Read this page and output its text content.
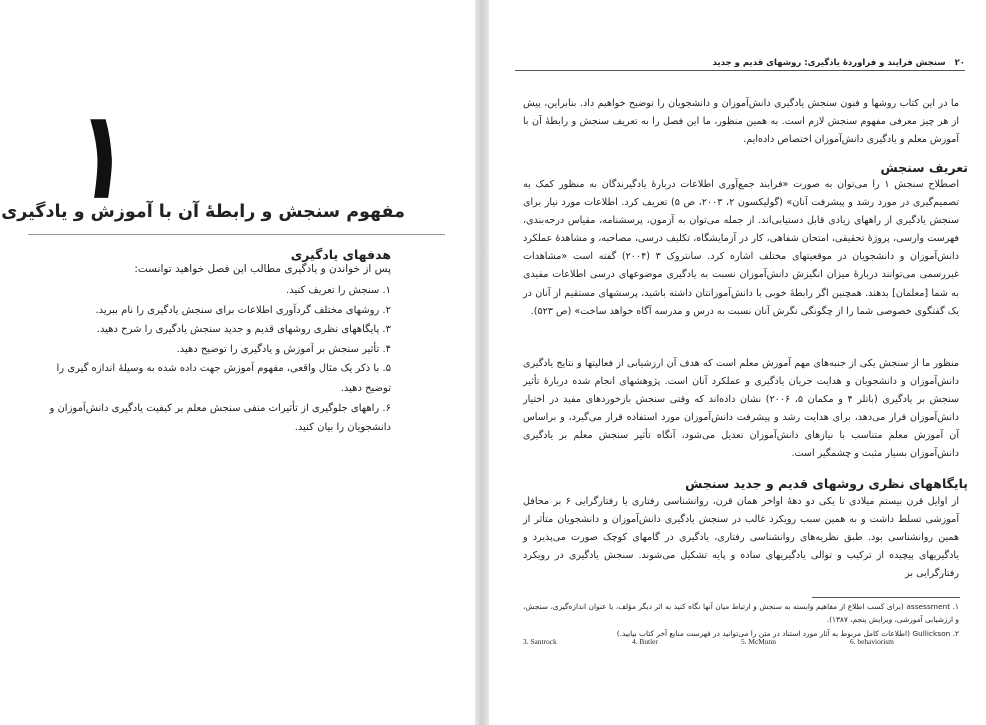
۱
مفهوم سنجش و رابطهٔ آن با آموزش و یادگیری
هدفهای یادگیری
پس از خواندن و یادگیری مطالب این فصل خواهید توانست:
۱. سنجش را تعریف کنید.
۲. روشهای مختلف گردآوری اطلاعات برای سنجش یادگیری را نام ببرید.
۳. پایگاههای نظری روشهای قدیم و جدید سنجش یادگیری را شرح دهید.
۴. تأثیر سنجش بر آموزش و یادگیری را توضیح دهید.
۵. با ذکر یک مثال واقعی، مفهوم آموزش جهت داده شده به وسیلهٔ اندازه گیری را توضیح دهید.
۶. راههای جلوگیری از تأثیرات منفی سنجش معلم بر کیفیت یادگیری دانش‌آموزان و دانشجویان را بیان کنید.
۲۰ سنجش فرایند و فراوردهٔ یادگیری: روشهای قدیم و جدید
ما در این کتاب روشها و فنون سنجش یادگیری دانش‌آموزان و دانشجویان را توضیح خواهیم داد. بنابراین، پیش از هر چیز معرفی مفهوم سنجش لازم است. به همین منظور، ما این فصل را به تعریف سنجش و رابطهٔ آن با آموزش معلم و یادگیری دانش‌آموزان اختصاص داده‌ایم.
تعریف سنجش
اصطلاح سنجش ۱ را می‌توان به صورت «فرایند جمع‌آوری اطلاعات دربارهٔ یادگیرندگان به منظور کمک به تصمیم‌گیری در مورد رشد و پیشرفت آنان» (گولیکسون ۲، ۲۰۰۳، ص ۵) تعریف کرد. اطلاعات مورد نیاز برای سنجش یادگیری از راههای زیادی قابل دستیابی‌اند. از جمله می‌توان به آزمون، پرسشنامه، مقیاس درجه‌بندی، فهرست وارسی، پروژهٔ تحقیقی، امتحان شفاهی، کار در آزمایشگاه، تکلیف درسی، مصاحبه، و مشاهدهٔ عملکرد دانش‌آموزان و دانشجویان در موقعیتهای مختلف اشاره کرد. سانتروک ۳ (۲۰۰۴) گفته است «مشاهدات غیررسمی می‌توانند دربارهٔ میزان انگیزش دانش‌آموزان نسبت به یادگیری موضوعهای درسی اطلاعات مفیدی به شما [معلمان] بدهند. همچنین اگر رابطهٔ خوبی با دانش‌آموزانتان داشته باشید، پرسشهای مستقیم از آنان در یک گفتگوی خصوصی شما را از چگونگی نگرش آنان نسبت به درس و مدرسه آگاه خواهد ساخت» (ص ۵۲۳).
منظور ما از سنجش یکی از جنبه‌های مهم آموزش معلم است که هدف آن ارزشیابی از فعالیتها و نتایج یادگیری دانش‌آموزان و دانشجویان و هدایت جریان یادگیری و عملکرد آنان است. پژوهشهای انجام شده دربارهٔ تأثیر سنجش بر یادگیری (باتلر ۴ و مکمان ۵، ۲۰۰۶) نشان داده‌اند که وقتی سنجش بازخوردهای مفید در اختیار دانش‌آموزان قرار می‌دهد، برای هدایت رشد و پیشرفت دانش‌آموزان مورد استفاده قرار می‌گیرد، و براساس آن آموزش معلم متناسب با نیازهای دانش‌آموزان تعدیل می‌شود، آنگاه تأثیر سنجش معلم بر یادگیری دانش‌آموزان بسیار مثبت و چشمگیر است.
پایگاههای نظری روشهای قدیم و جدید سنجش
از اوایل قرن بیستم میلادی تا یکی دو دههٔ اواخر همان قرن، روانشناسی رفتاری یا رفتارگرایی ۶ بر محافل آموزشی تسلط داشت و به همین سبب رویکرد غالب در سنجش یادگیری دانش‌آموزان و دانشجویان متأثر از همین روانشناسی بود. طبق نظریه‌های روانشناسی رفتاری، یادگیری در گامهای کوچک صورت می‌پذیرد و یادگیریهای پیچیده از ترکیب و توالی یادگیریهای ساده و پایه تشکیل می‌شوند. سنجش یادگیری در رویکرد رفتارگرایی بر
۱. assessment (برای کسب اطلاع از مفاهیم وابسته به سنجش و ارتباط میان آنها نگاه کنید به اثر دیگر مؤلف، با عنوان اندازه‌گیری، سنجش، و ارزشیابی آموزشی، ویرایش پنجم، ۱۳۸۷).
۲. Gullickson (اطلاعات کامل مربوط به آثار مورد استناد در متن را می‌توانید در فهرست منابع آخر کتاب بیابید.)
3. Santrock	4. Butler	5. McMunn	6. behaviorism
